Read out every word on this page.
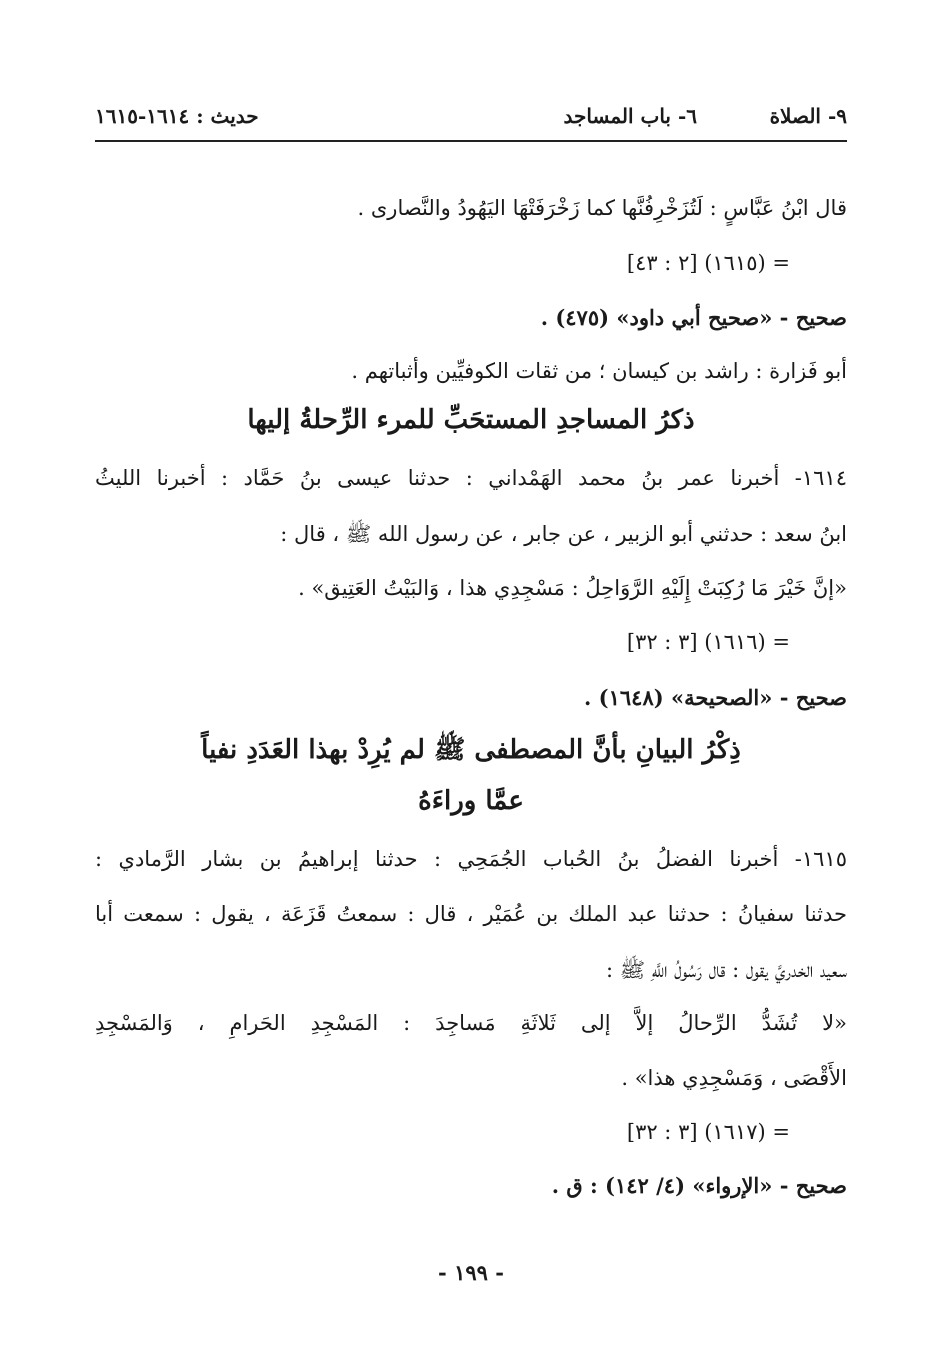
٩- الصلاة
٦- باب المساجد
حديث : ١٦١٤-١٦١٥
قال ابْنُ عَبَّاسٍ : لَتُزَخْرِفُنَّها كما زَخْرَفَتْهَا اليَهُودُ والنَّصارى .
= (١٦١٥) [٢ : ٤٣]
صحيح - «صحيح أبي داود» (٤٧٥) .
أبو فَزارة : راشد بن كيسان ؛ من ثقات الكوفيِّين وأثباتهم .
ذكرُ المساجدِ المستحَبِّ للمرء الرِّحلةُ إليها
١٦١٤- أخبرنا عمر بنُ محمد الهَمْداني : حدثنا عيسى بنُ حَمَّاد : أخبرنا الليثُ
ابنُ سعد : حدثني أبو الزبير ، عن جابر ، عن رسول الله ﷺ ، قال :
«إنَّ خَيْرَ مَا رُكِبَتْ إِلَيْهِ الرَّوَاحِلُ : مَسْجِدِي هذا ، وَالبَيْتُ العَتِيق» .
= (١٦١٦) [٣ : ٣٢]
صحيح - «الصحيحة» (١٦٤٨) .
ذِكْرُ البيانِ بأنَّ المصطفى ﷺ لم يُرِدْ بهذا العَدَدِ نفياً
عمَّا وراءَهُ
١٦١٥- أخبرنا الفضلُ بنُ الحُباب الجُمَحِي : حدثنا إبراهيمُ بن بشار الرَّمادي :
حدثنا سفيانُ : حدثنا عبد الملك بن عُمَيْر ، قال : سمعتُ قَزَعَة ، يقول : سمعت أبا
سعيد الخدريَّ يقول : قال رَسُولُ اللَّهِ ﷺ :
«لا تُشَدُّ الرِّحالُ إلاَّ إلى ثَلاثَةِ مَساجِدَ : المَسْجِدِ الحَرامِ ، وَالمَسْجِدِ
الأَقْصَى ، وَمَسْجِدِي هذا» .
= (١٦١٧) [٣ : ٣٢]
صحيح - «الإرواء» (٤/ ١٤٢) : ق .
- ١٩٩ -
